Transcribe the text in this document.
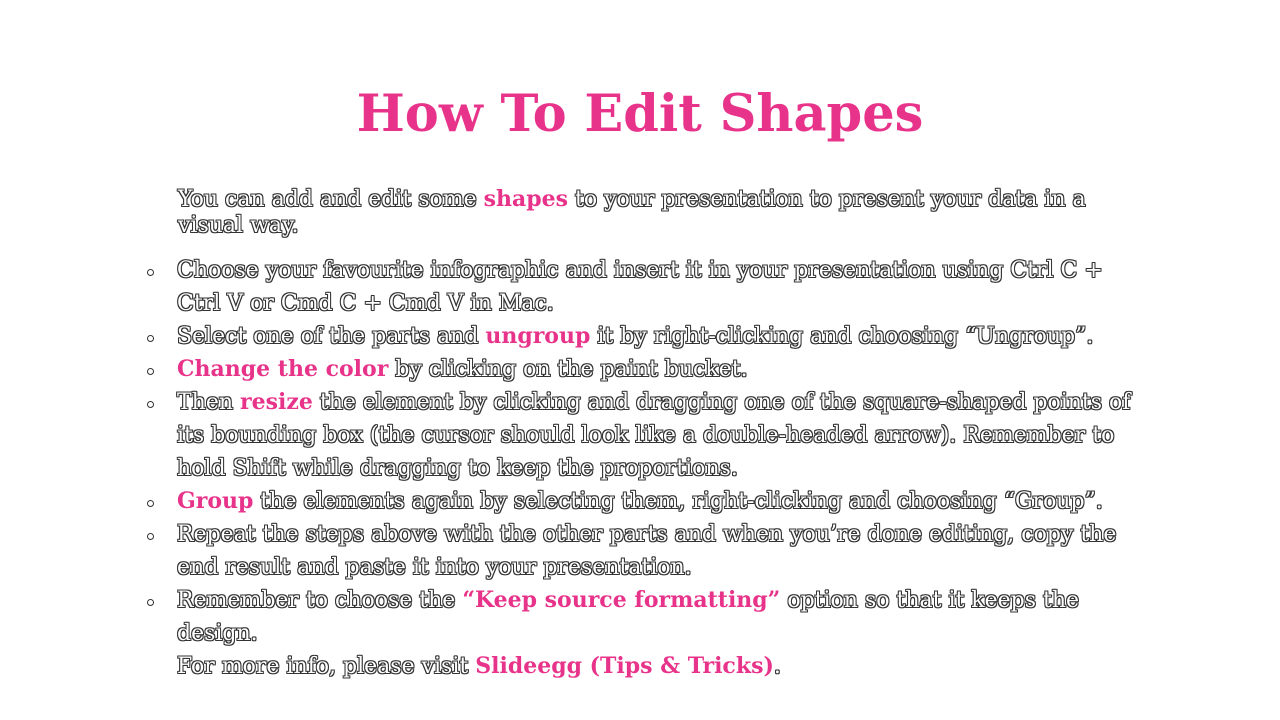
How To Edit Shapes

You can add and edit some shapes to your presentation to present your data in a visual way.

Choose your favourite infographic and insert it in your presentation using Ctrl C + Ctrl V or Cmd C + Cmd V in Mac.
Select one of the parts and ungroup it by right-clicking and choosing “Ungroup”.
Change the color by clicking on the paint bucket.
Then resize the element by clicking and dragging one of the square-shaped points of its bounding box (the cursor should look like a double-headed arrow). Remember to hold Shift while dragging to keep the proportions.
Group the elements again by selecting them, right-clicking and choosing “Group”.
Repeat the steps above with the other parts and when you’re done editing, copy the end result and paste it into your presentation.
Remember to choose the “Keep source formatting” option so that it keeps the design.
For more info, please visit Slideegg (Tips & Tricks).
